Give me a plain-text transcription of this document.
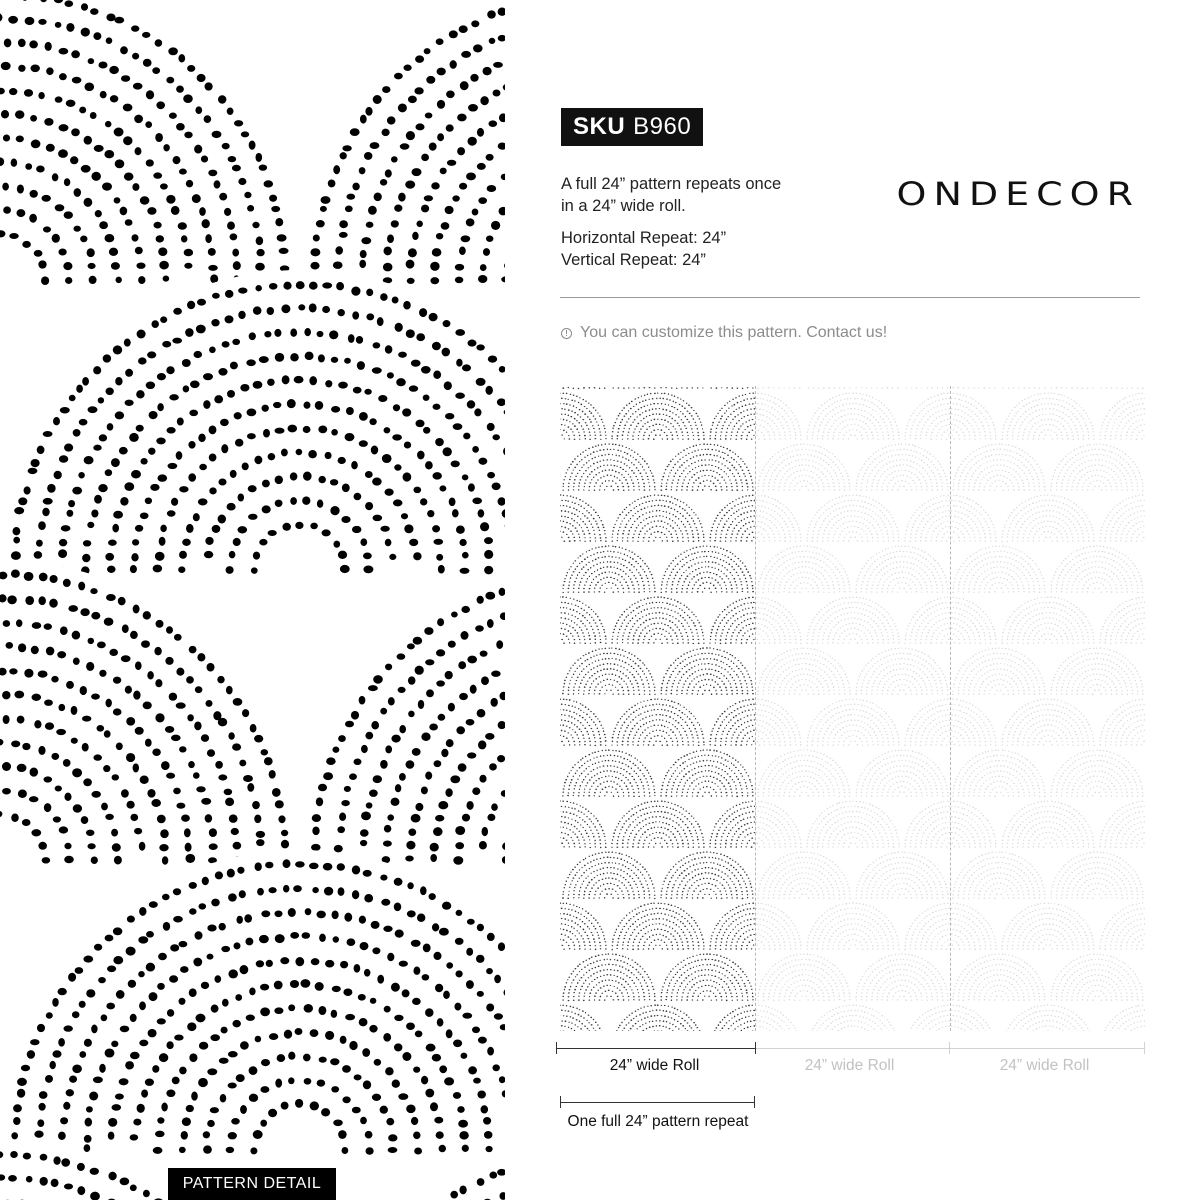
PATTERN DETAIL
SKU B960

A full 24” pattern repeats once

in a 24” wide roll.

Horizontal Repeat: 24”

Vertical Repeat: 24”

ONDECOR
You can customize this pattern. Contact us!
24” wide Roll	24” wide Roll	24” wide Roll
One full 24” pattern repeat
